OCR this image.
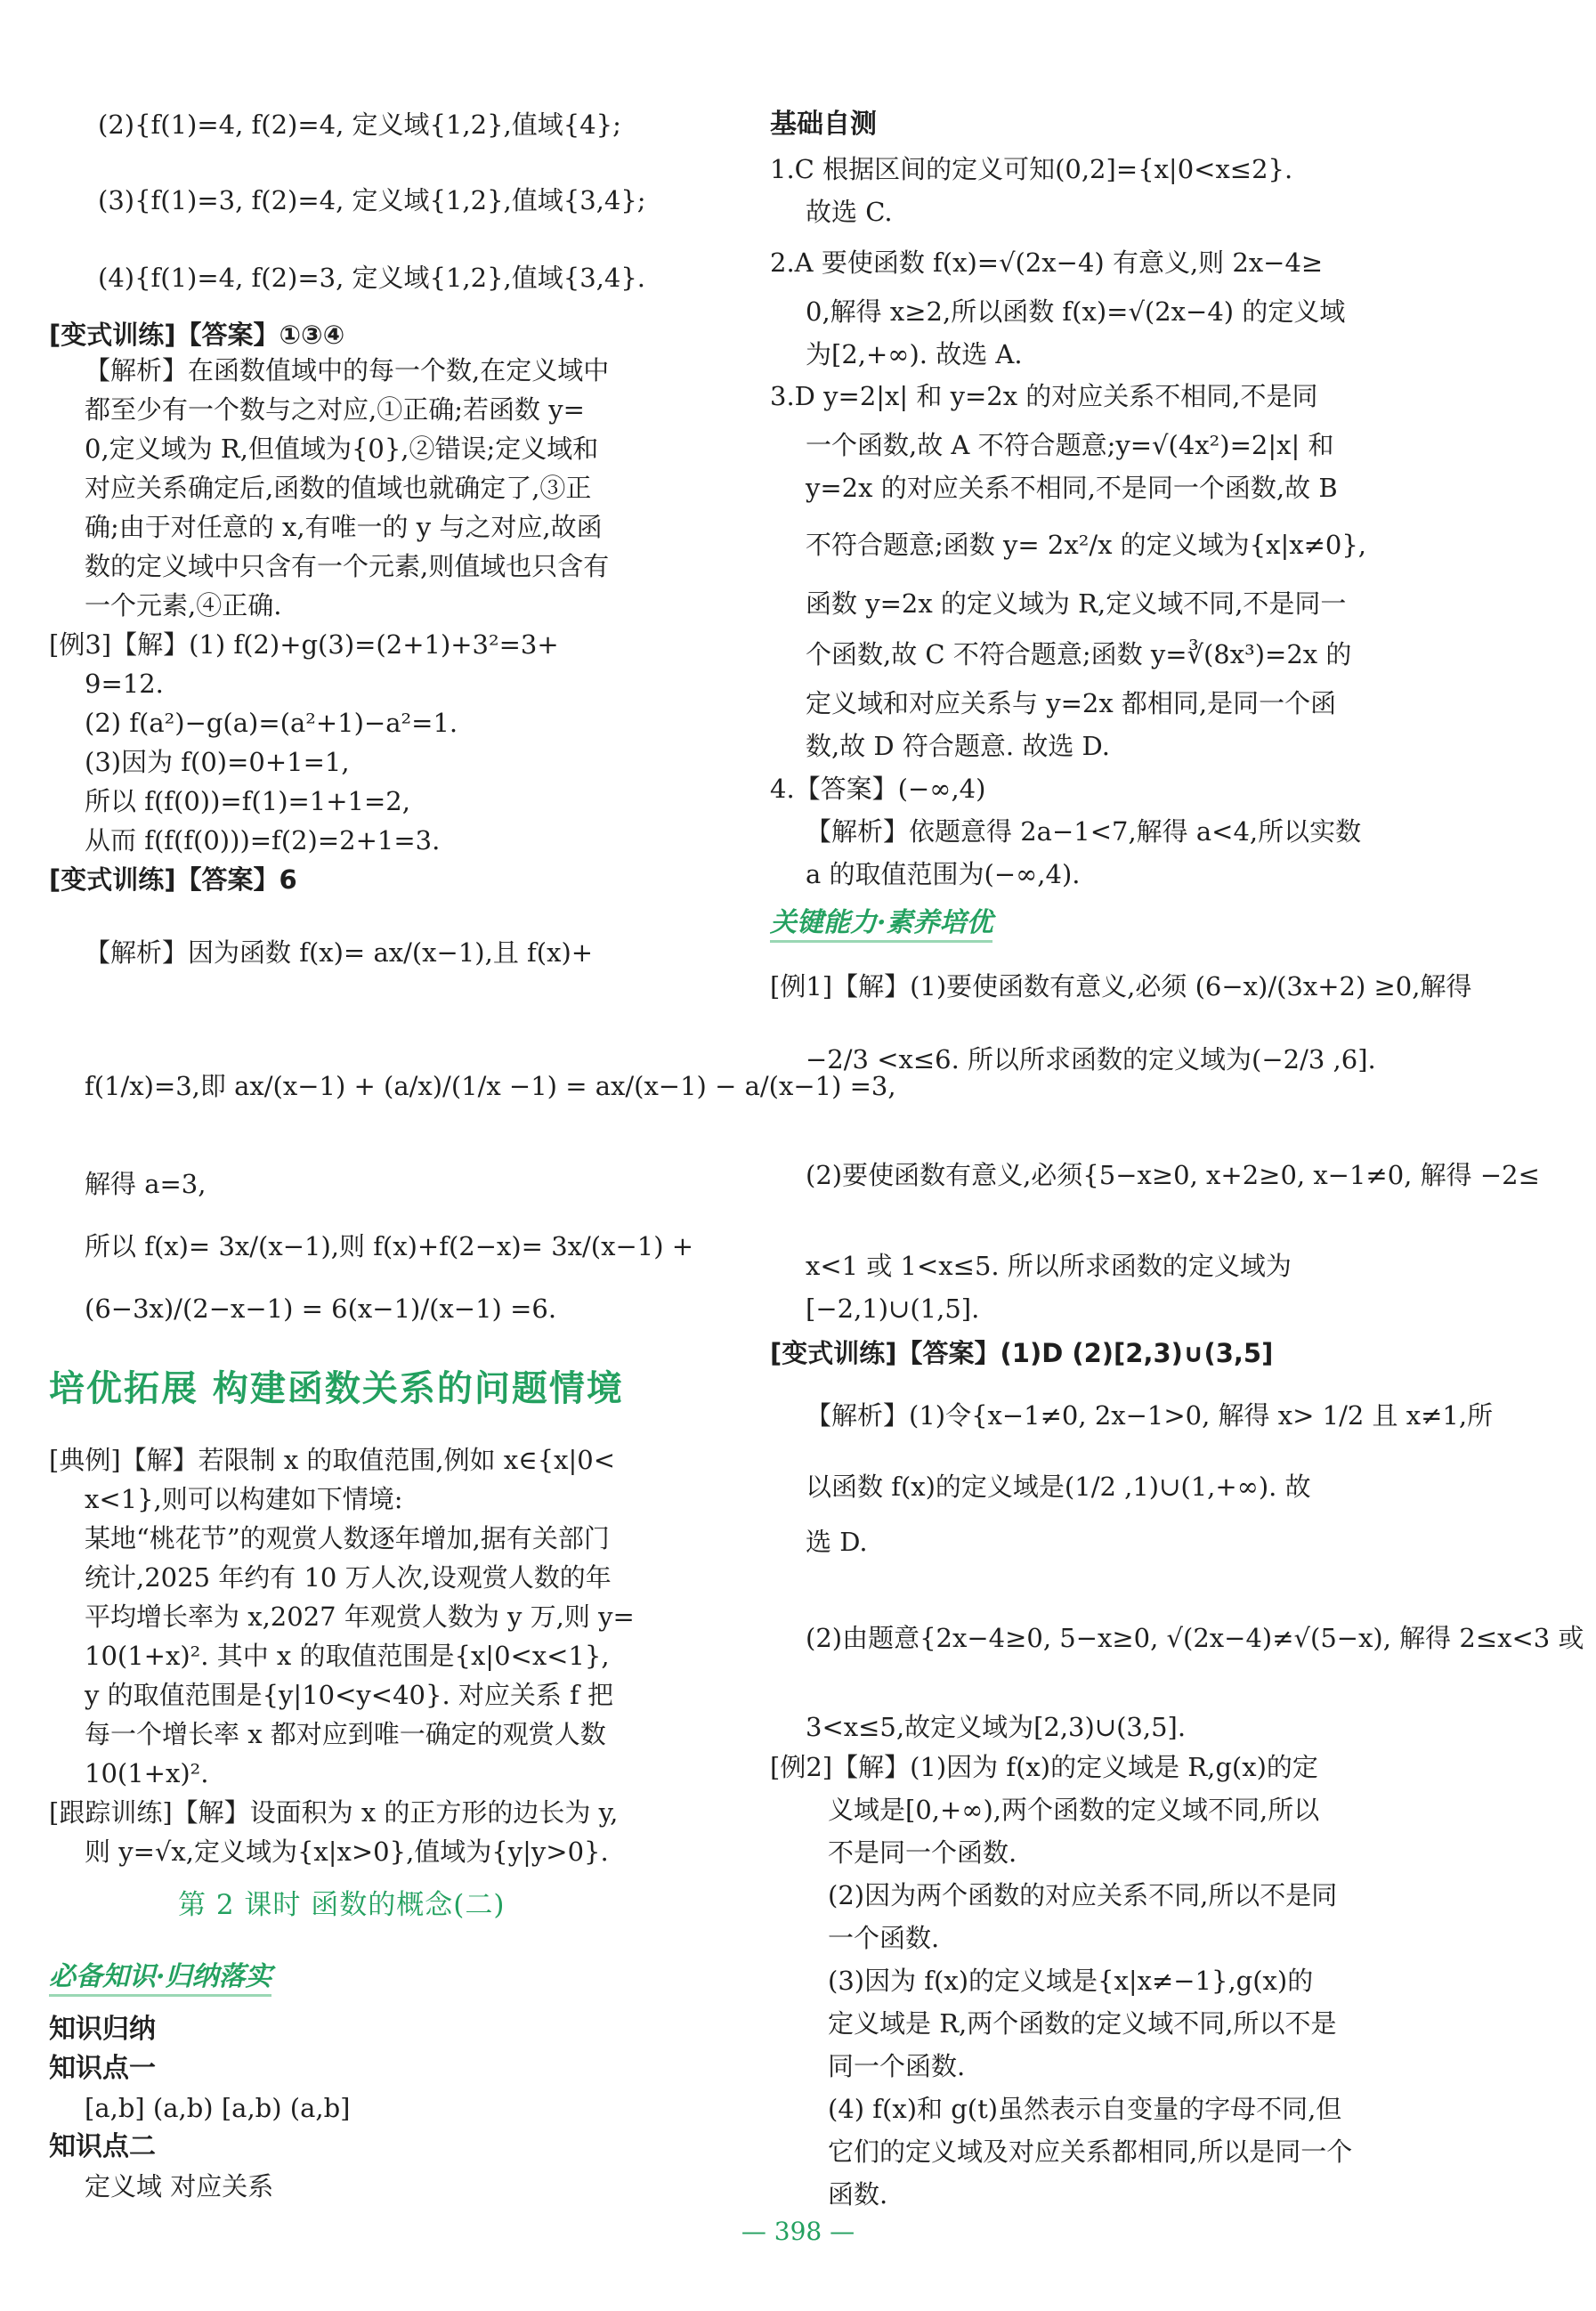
(2){f(1)=4, f(2)=4, 定义域{1,2},值域{4};
(3){f(1)=3, f(2)=4, 定义域{1,2},值域{3,4};
(4){f(1)=4, f(2)=3, 定义域{1,2},值域{3,4}.
[变式训练]【答案】①③④
【解析】在函数值域中的每一个数,在定义域中
都至少有一个数与之对应,①正确;若函数 y=
0,定义域为 R,但值域为{0},②错误;定义域和
对应关系确定后,函数的值域也就确定了,③正
确;由于对任意的 x,有唯一的 y 与之对应,故函
数的定义域中只含有一个元素,则值域也只含有
一个元素,④正确.
[例3]【解】(1) f(2)+g(3)=(2+1)+3²=3+
9=12.
(2) f(a²)−g(a)=(a²+1)−a²=1.
(3)因为 f(0)=0+1=1,
所以 f(f(0))=f(1)=1+1=2,
从而 f(f(f(0)))=f(2)=2+1=3.
[变式训练]【答案】6
【解析】因为函数 f(x)= ax/(x−1),且 f(x)+
f(1/x)=3,即 ax/(x−1) + (a/x)/(1/x −1) = ax/(x−1) − a/(x−1) =3,
解得 a=3,
所以 f(x)= 3x/(x−1),则 f(x)+f(2−x)= 3x/(x−1) +
(6−3x)/(2−x−1) = 6(x−1)/(x−1) =6.
培优拓展 构建函数关系的问题情境
[典例]【解】若限制 x 的取值范围,例如 x∈{x|0<
x<1},则可以构建如下情境:
某地“桃花节”的观赏人数逐年增加,据有关部门
统计,2025 年约有 10 万人次,设观赏人数的年
平均增长率为 x,2027 年观赏人数为 y 万,则 y=
10(1+x)². 其中 x 的取值范围是{x|0<x<1},
y 的取值范围是{y|10<y<40}. 对应关系 f 把
每一个增长率 x 都对应到唯一确定的观赏人数
10(1+x)².
[跟踪训练]【解】设面积为 x 的正方形的边长为 y,
则 y=√x,定义域为{x|x>0},值域为{y|y>0}.
第 2 课时 函数的概念(二)
必备知识·归纳落实
知识归纳
知识点一
[a,b] (a,b) [a,b) (a,b]
知识点二
定义域 对应关系
基础自测
1.C 根据区间的定义可知(0,2]={x|0<x≤2}.
故选 C.
2.A 要使函数 f(x)=√(2x−4) 有意义,则 2x−4≥
0,解得 x≥2,所以函数 f(x)=√(2x−4) 的定义域
为[2,+∞). 故选 A.
3.D y=2|x| 和 y=2x 的对应关系不相同,不是同
一个函数,故 A 不符合题意;y=√(4x²)=2|x| 和
y=2x 的对应关系不相同,不是同一个函数,故 B
不符合题意;函数 y= 2x²/x 的定义域为{x|x≠0},
函数 y=2x 的定义域为 R,定义域不同,不是同一
个函数,故 C 不符合题意;函数 y=∛(8x³)=2x 的
定义域和对应关系与 y=2x 都相同,是同一个函
数,故 D 符合题意. 故选 D.
4.【答案】(−∞,4)
【解析】依题意得 2a−1<7,解得 a<4,所以实数
a 的取值范围为(−∞,4).
关键能力·素养培优
[例1]【解】(1)要使函数有意义,必须 (6−x)/(3x+2) ≥0,解得
−2/3 <x≤6. 所以所求函数的定义域为(−2/3 ,6].
(2)要使函数有意义,必须{5−x≥0, x+2≥0, x−1≠0, 解得 −2≤
x<1 或 1<x≤5. 所以所求函数的定义域为
[−2,1)∪(1,5].
[变式训练]【答案】(1)D (2)[2,3)∪(3,5]
【解析】(1)令{x−1≠0, 2x−1>0, 解得 x> 1/2 且 x≠1,所
以函数 f(x)的定义域是(1/2 ,1)∪(1,+∞). 故
选 D.
(2)由题意{2x−4≥0, 5−x≥0, √(2x−4)≠√(5−x), 解得 2≤x<3 或
3<x≤5,故定义域为[2,3)∪(3,5].
[例2]【解】(1)因为 f(x)的定义域是 R,g(x)的定
义域是[0,+∞),两个函数的定义域不同,所以
不是同一个函数.
(2)因为两个函数的对应关系不同,所以不是同
一个函数.
(3)因为 f(x)的定义域是{x|x≠−1},g(x)的
定义域是 R,两个函数的定义域不同,所以不是
同一个函数.
(4) f(x)和 g(t)虽然表示自变量的字母不同,但
它们的定义域及对应关系都相同,所以是同一个
函数.
— 398 —
